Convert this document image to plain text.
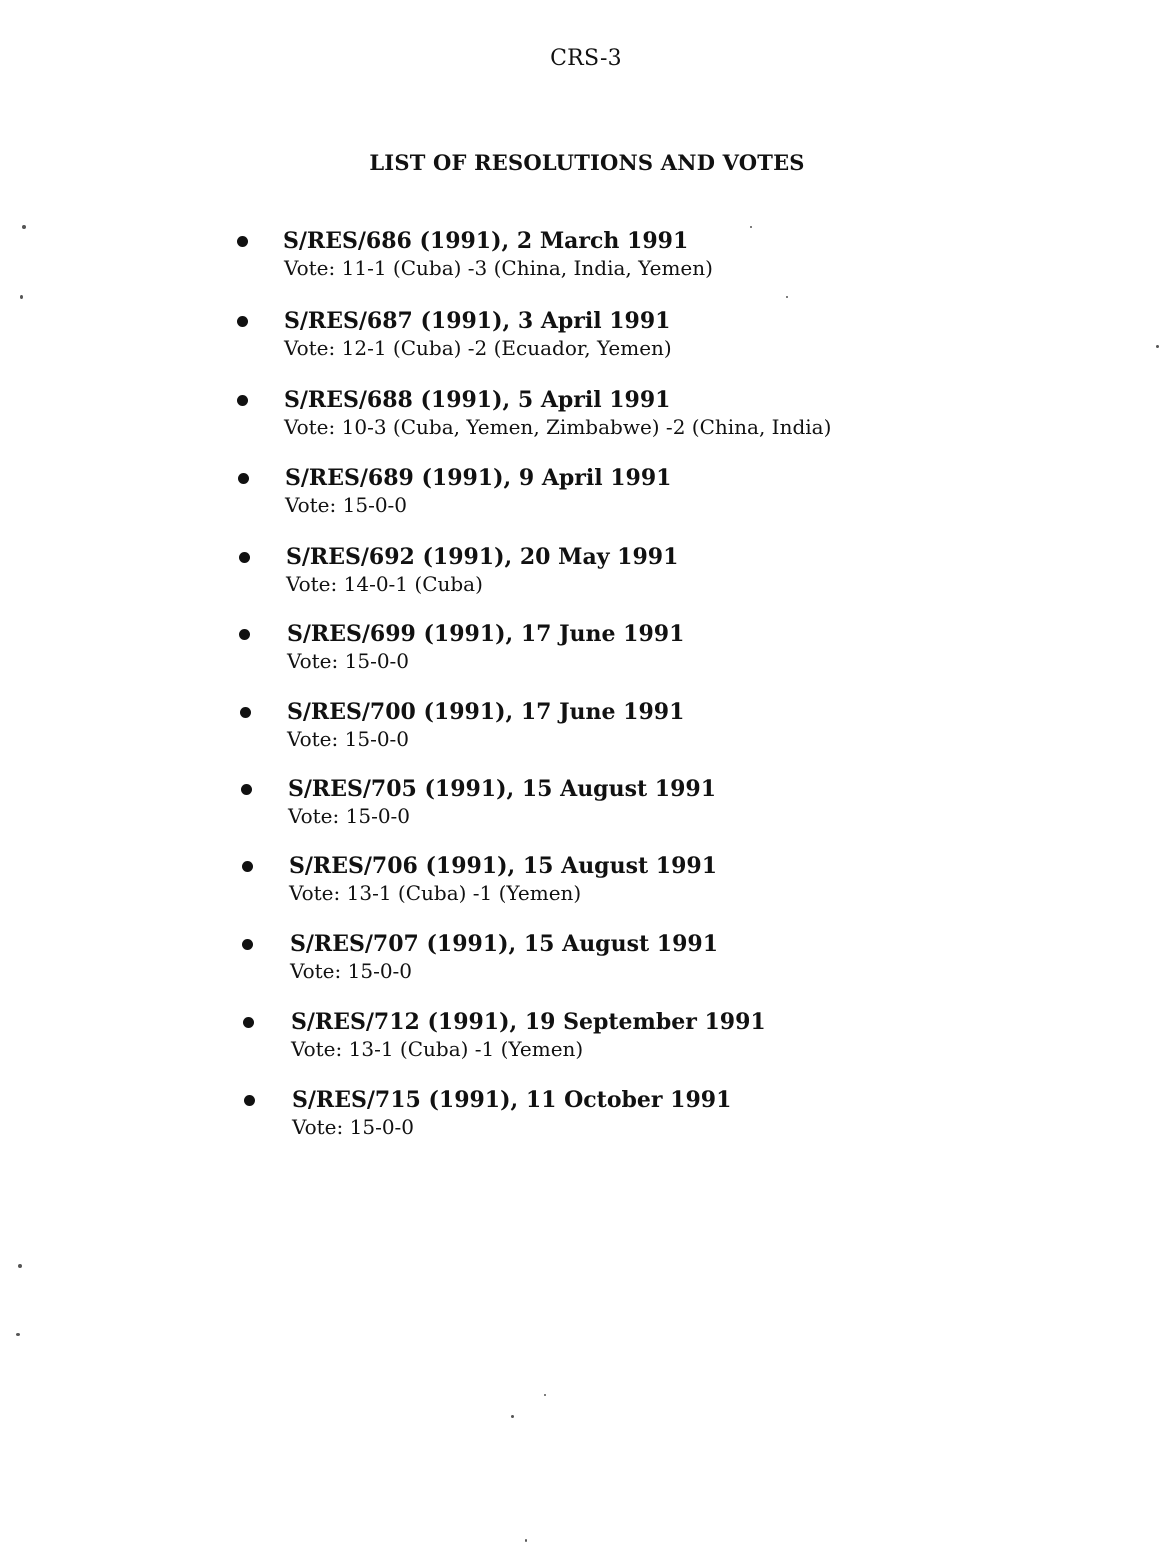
CRS-3
LIST OF RESOLUTIONS AND VOTES
S/RES/686 (1991), 2 March 1991
Vote: 11-1 (Cuba) -3 (China, India, Yemen)
S/RES/687 (1991), 3 April 1991
Vote: 12-1 (Cuba) -2 (Ecuador, Yemen)
S/RES/688 (1991), 5 April 1991
Vote: 10-3 (Cuba, Yemen, Zimbabwe) -2 (China, India)
S/RES/689 (1991), 9 April 1991
Vote: 15-0-0
S/RES/692 (1991), 20 May 1991
Vote: 14-0-1 (Cuba)
S/RES/699 (1991), 17 June 1991
Vote: 15-0-0
S/RES/700 (1991), 17 June 1991
Vote: 15-0-0
S/RES/705 (1991), 15 August 1991
Vote: 15-0-0
S/RES/706 (1991), 15 August 1991
Vote: 13-1 (Cuba) -1 (Yemen)
S/RES/707 (1991), 15 August 1991
Vote: 15-0-0
S/RES/712 (1991), 19 September 1991
Vote: 13-1 (Cuba) -1 (Yemen)
S/RES/715 (1991), 11 October 1991
Vote: 15-0-0
